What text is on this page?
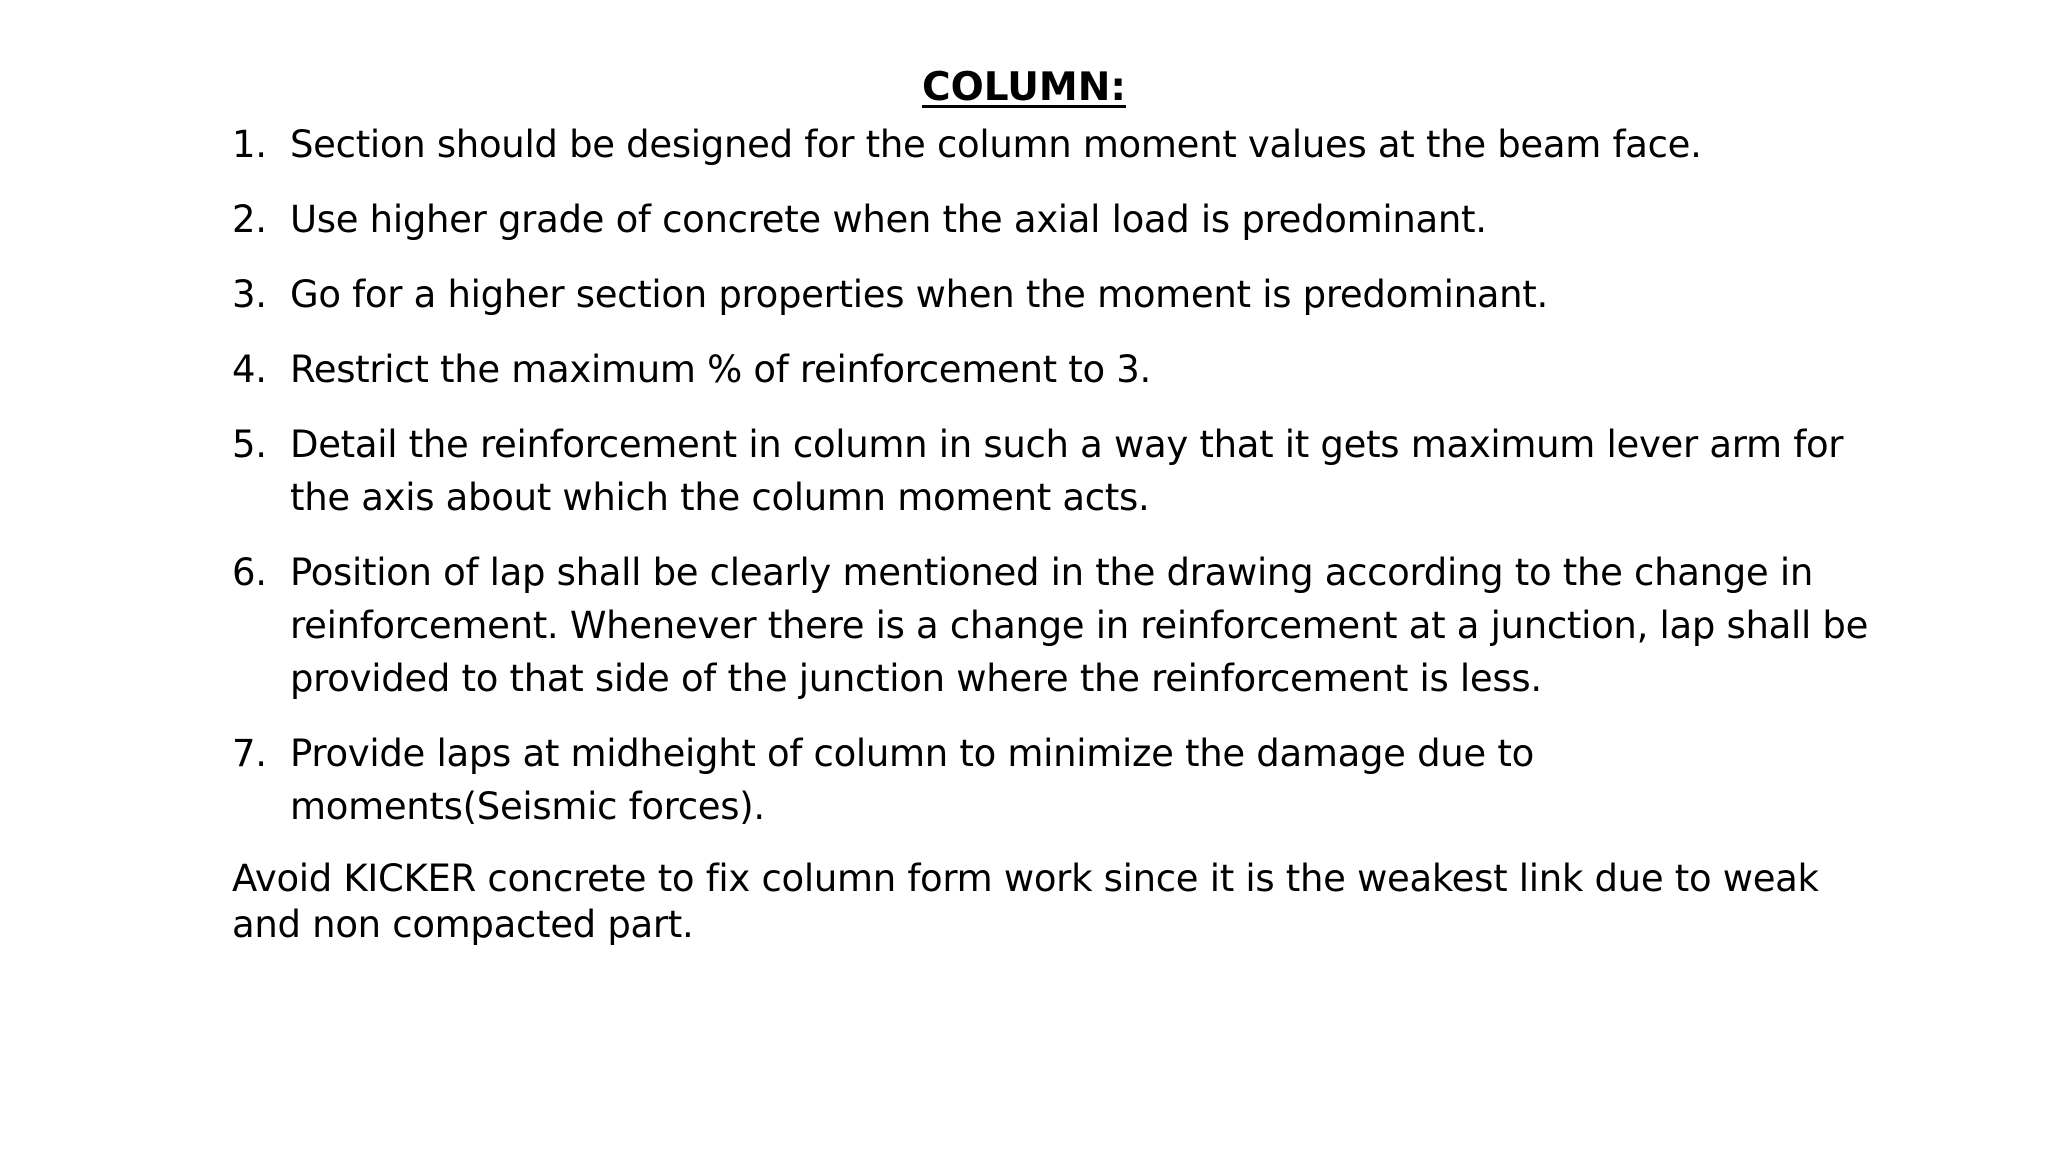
COLUMN:
1. Section should be designed for the column moment values at the beam face.
2. Use higher grade of concrete when the axial load is predominant.
3. Go for a higher section properties when the moment is predominant.
4. Restrict the maximum % of reinforcement to 3.
5. Detail the reinforcement in column in such a way that it gets maximum lever arm for the axis about which the column moment acts.
6. Position of lap shall be clearly mentioned in the drawing according to the change in reinforcement. Whenever there is a change in reinforcement at a junction, lap shall be provided to that side of the junction where the reinforcement is less.
7. Provide laps at midheight of column to minimize the damage due to moments(Seismic forces).

Avoid KICKER concrete to fix column form work since it is the weakest link due to weak and non compacted part.
